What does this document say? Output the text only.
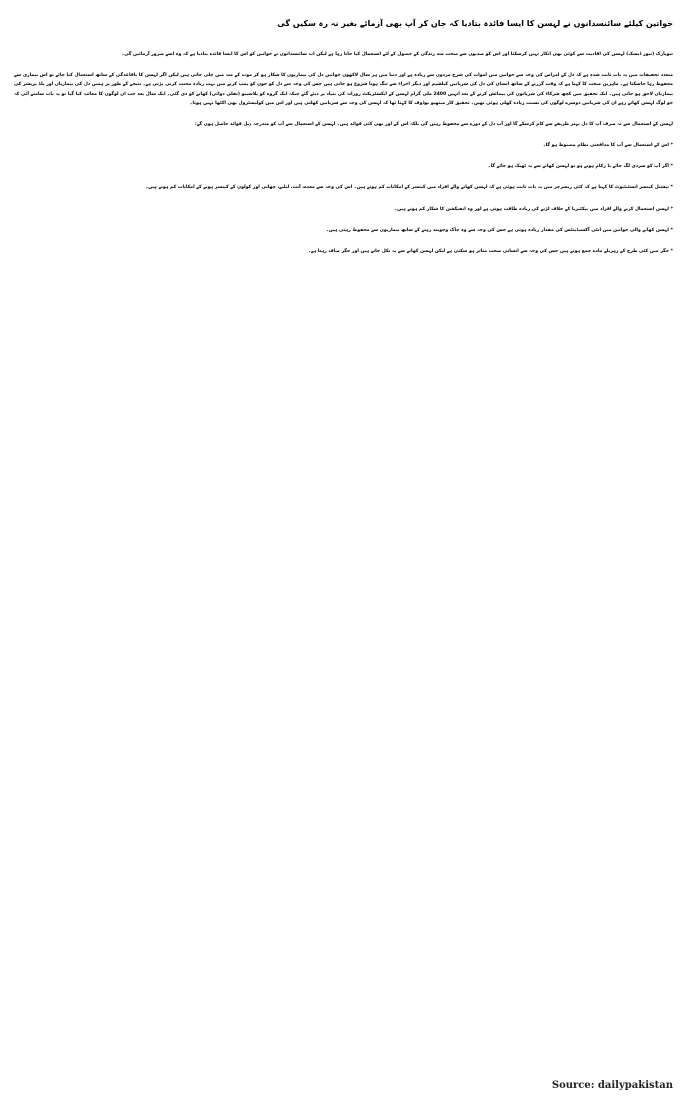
خواتین کیلئے سائنسدانوں نے لہسن کا ایسا فائدہ بتادیا کہ جان کر آپ بھی آزمائے بغیر نہ رہ سکیں گی

نیویارک (نیوز ڈیسک) لہسن کی افادیت سے کوئی بھی انکار نہیں کرسکتا اور اس کو صدیوں سے صحت مند زندگی کے حصول کے لئے استعمال کیا جاتا رہا ہے لیکن اب سائنسدانوں نے خواتین کو اس کا ایسا فائدہ بتادیا ہے کہ وہ اسے ضرور آزمائیں گی۔

متعدد تحقیقات میں یہ بات ثابت شدہ ہے کہ دل کے امراض کی وجہ سے خواتین میں اموات کی شرح مردوں سے زیادہ ہے اور دنیا میں ہر سال لاکھوں خواتین دل کی بیماریوں کا شکار ہو کر موت کے منہ میں چلی جاتی ہیں لیکن اگر لہسن کا باقاعدگی کے ساتھ استعمال کیا جائے تو اس بیماری سے محفوظ رہا جاسکتا ہے۔ ماہرین صحت کا کہنا ہے کہ وقت گزرنے کے ساتھ انسان کی دل کی شریانیں کیلشیم اور دیگر اجزاء سے تنگ ہونا شروع ہو جاتی ہیں جس کی وجہ سے دل کو خون کو پمپ کرنے میں بہت زیادہ محنت کرنی پڑتی ہے۔ نتیجے کے طور پر ہمیں دل کی بیماریاں اور بلڈ پریشر کی بیماریاں لاحق ہو جاتی ہیں۔ ایک تحقیق میں کچھ شرکاء کی شریانوں کی پیمائش کرنے کے بعد انہیں 2400 ملی گرام لہسن کے ایکسٹریکٹ روزانہ کی بنیاد پر دیئے گئے جبکہ ایک گروہ کو پلاسیبو (نقلی دوائی) کھانے کو دی گئی۔ ایک سال بعد جب ان لوگوں کا معائنہ کیا گیا تو یہ بات سامنے آئی کہ جو لوگ لہسن کھاتے رہے ان کی شریانیں دوسرے لوگوں کی نسبت زیادہ کھلی ہوئی تھیں۔ تحقیق کار میتھیو بوڈوف کا کہنا تھا کہ لہسن کی وجہ سے شریانیں کھلتی ہیں اور اس میں کولیسٹرول بھی اکٹھا نہیں ہوتا۔

لہسن کے استعمال سے نہ صرف آپ کا دل بہتر طریقے سے کام کرسکے گا اور آپ دل کے دورے سے محفوظ رہیں گی بلکہ اس کے اور بھی کئی فوائد ہیں۔ لہسن کے استعمال سے آپ کو مندرجہ ذیل فوائد حاصل ہوں گے:

* اس کے استعمال سے آپ کا مدافعتی نظام مضبوط ہو گا۔

* اگر آپ کو سردی لگ جائے یا زکام ہونے ہو تو لہسن کھانے سے یہ ٹھیک ہو جائے گا۔

* نیشنل کینسر انسٹیٹیوٹ کا کہنا ہے کہ کئی ریسرچز میں یہ بات ثابت ہوئی ہے کہ لہسن کھانے والے افراد میں کینسر کے امکانات کم ہوتے ہیں۔ اس کی وجہ سے معدے، آنت، لبلبے، چھاتی اور کولون کے کینسر ہونے کے امکانات کم ہوتے ہیں۔

* لہسن استعمال کرنے والے افراد میں بیکٹیریا کے خلاف لڑنے کی زیادہ طاقت ہوتی ہے اور وہ انفیکشن کا شکار کم ہوتے ہیں۔

* لہسن کھانے والی خواتین میں انٹی آکسیڈینٹس کی مقدار زیادہ ہوتی ہے جس کی وجہ سے وہ چاک وچوبند رہنے کے ساتھ بیماریوں سے محفوظ رہتی ہیں۔

* جگر میں کئی طرح کے زہریلے مادے جمع ہوتے ہیں جس کی وجہ سے انسانی صحت متاثر ہو سکتی ہے لیکن لہسن کھانے سے یہ نکل جاتے ہیں اور جگر صاف رہتا ہے۔

Source: dailypakistan
